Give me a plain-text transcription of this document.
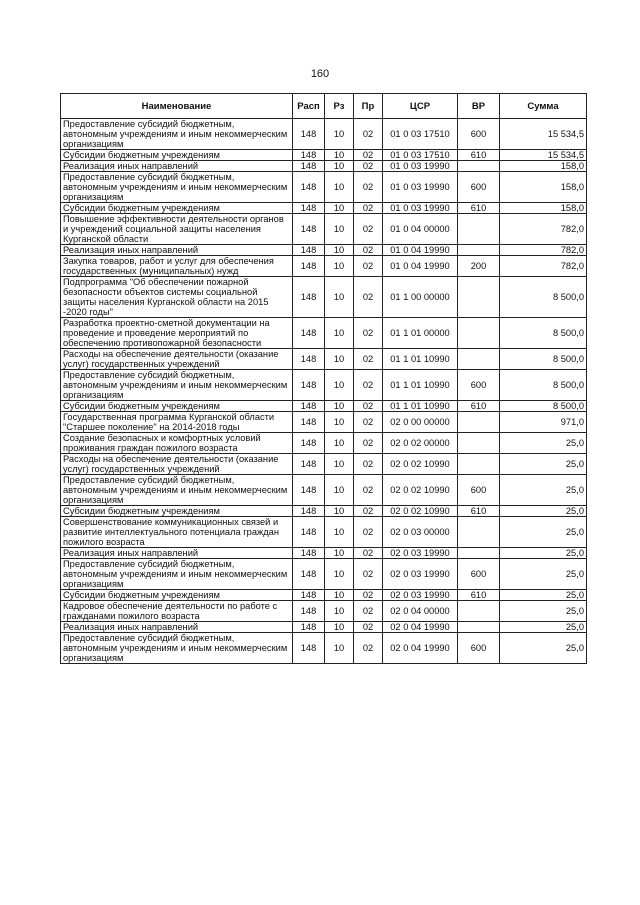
160
Наименование	Расп	Рз	Пр	ЦСР	ВР	Сумма
Предоставление субсидий бюджетным, автономным учреждениям и иным некоммерческим организациям	148	10	02	01 0 03 17510	600	15 534,5
Субсидии бюджетным учреждениям	148	10	02	01 0 03 17510	610	15 534,5
Реализация иных направлений	148	10	02	01 0 03 19990		158,0
Предоставление субсидий бюджетным, автономным учреждениям и иным некоммерческим организациям	148	10	02	01 0 03 19990	600	158,0
Субсидии бюджетным учреждениям	148	10	02	01 0 03 19990	610	158,0
Повышение эффективности деятельности органов и учреждений социальной защиты населения Курганской области	148	10	02	01 0 04 00000		782,0
Реализация иных направлений	148	10	02	01 0 04 19990		782,0
Закупка товаров, работ и услуг для обеспечения государственных (муниципальных) нужд	148	10	02	01 0 04 19990	200	782,0
Подпрограмма "Об обеспечении пожарной безопасности объектов системы социальной защиты населения Курганской области на 2015 -2020 годы"	148	10	02	01 1 00 00000		8 500,0
Разработка проектно-сметной документации на проведение и проведение мероприятий по обеспечению противопожарной безопасности	148	10	02	01 1 01 00000		8 500,0
Расходы на обеспечение деятельности (оказание услуг) государственных учреждений	148	10	02	01 1 01 10990		8 500,0
Предоставление субсидий бюджетным, автономным учреждениям и иным некоммерческим организациям	148	10	02	01 1 01 10990	600	8 500,0
Субсидии бюджетным учреждениям	148	10	02	01 1 01 10990	610	8 500,0
Государственная программа Курганской области "Старшее поколение" на 2014-2018 годы	148	10	02	02 0 00 00000		971,0
Создание безопасных и комфортных условий проживания граждан пожилого возраста	148	10	02	02 0 02 00000		25,0
Расходы на обеспечение деятельности (оказание услуг) государственных учреждений	148	10	02	02 0 02 10990		25,0
Предоставление субсидий бюджетным, автономным учреждениям и иным некоммерческим организациям	148	10	02	02 0 02 10990	600	25,0
Субсидии бюджетным учреждениям	148	10	02	02 0 02 10990	610	25,0
Совершенствование коммуникационных связей и развитие интеллектуального потенциала граждан пожилого возраста	148	10	02	02 0 03 00000		25,0
Реализация иных направлений	148	10	02	02 0 03 19990		25,0
Предоставление субсидий бюджетным, автономным учреждениям и иным некоммерческим организациям	148	10	02	02 0 03 19990	600	25,0
Субсидии бюджетным учреждениям	148	10	02	02 0 03 19990	610	25,0
Кадровое обеспечение деятельности по работе с гражданами пожилого возраста	148	10	02	02 0 04 00000		25,0
Реализация иных направлений	148	10	02	02 0 04 19990		25,0
Предоставление субсидий бюджетным, автономным учреждениям и иным некоммерческим организациям	148	10	02	02 0 04 19990	600	25,0
